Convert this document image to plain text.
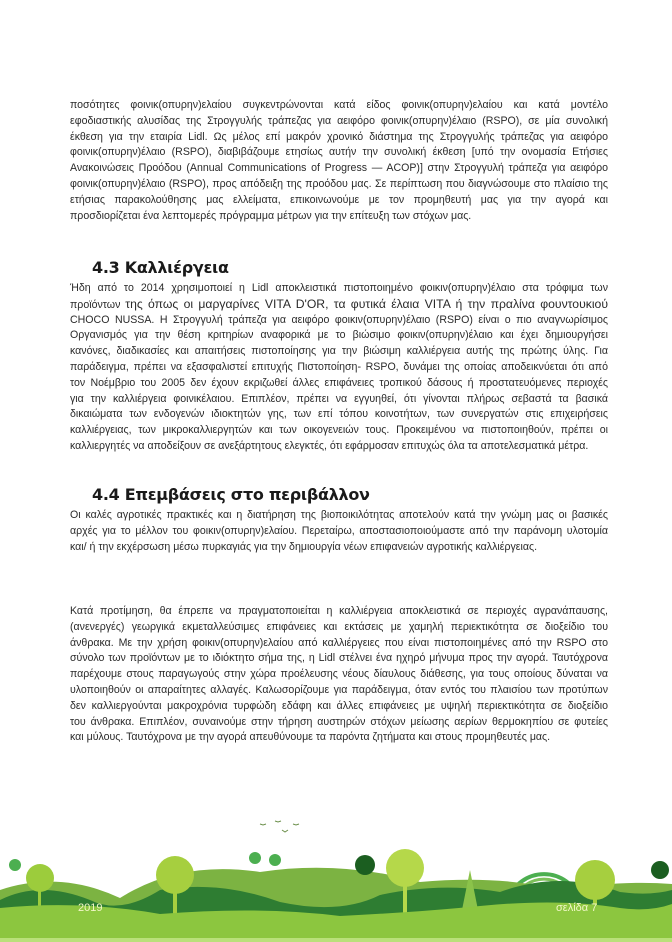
ποσότητες φοινικ(οπυρην)ελαίου συγκεντρώνονται κατά είδος φοινικ(οπυρην)ελαίου και κατά μοντέλο
εφοδιαστικής αλυσίδας της Στρογγυλής τράπεζας για αειφόρο φοινικ(οπυρην)έλαιο (RSPO), σε μία συνολική
έκθεση για την εταιρία Lidl. Ως μέλος επί μακρόν χρονικό διάστημα της Στρογγυλής τράπεζας για αειφόρο
φοινικ(οπυρην)έλαιο (RSPO), διαβιβάζουμε ετησίως αυτήν την συνολική έκθεση [υπό την ονομασία Ετήσιες
Ανακοινώσεις Προόδου (Annual Communications of Progress — ACOP)] στην Στρογγυλή τράπεζα για αειφόρο
φοινικ(οπυρην)έλαιο (RSPO), προς απόδειξη της προόδου μας. Σε περίπτωση που διαγνώσουμε στο πλαίσιο της
ετήσιας παρακολούθησης μας ελλείματα, επικοινωνούμε με τον προμηθευτή μας για την αγορά και
προσδιορίζεται ένα λεπτομερές πρόγραμμα μέτρων για την επίτευξη των στόχων μας.
4.3 Καλλιέργεια
Ήδη από το 2014 χρησιμοποιεί η Lidl αποκλειστικά πιστοποιημένο φοικιν(οπυρην)έλαιο στα τρόφιμα των
προϊόντων της όπως οι μαργαρίνες VITA D'OR, τα φυτικά έλαια VITA ή την πραλίνα φουντουκιού
CHOCO NUSSA. Η Στρογγυλή τράπεζα για αειφόρο φοικιν(οπυρην)έλαιο (RSPO) είναι ο πιο αναγνωρίσιμος
Οργανισμός για την θέση κριτηρίων αναφορικά με το βιώσιμο φοικιν(οπυρην)έλαιο και έχει δημιουργήσει
κανόνες, διαδικασίες και απαιτήσεις πιστοποίησης για την βιώσιμη καλλιέργεια αυτής της πρώτης ύλης. Για
παράδειγμα, πρέπει να εξασφαλιστεί επιτυχής Πιστοποίηση- RSPO, δυνάμει της οποίας αποδεικνύεται ότι από
τον Νοέμβριο του 2005 δεν έχουν εκριζωθεί άλλες επιφάνειες τροπικού δάσους ή προστατευόμενες περιοχές
για την καλλιέργεια φοινικέλαιου. Επιπλέον, πρέπει να εγγυηθεί, ότι γίνονται πλήρως σεβαστά τα βασικά
δικαιώματα των ενδογενών ιδιοκτητών γης, των επί τόπου κοινοτήτων, των συνεργατών στις επιχειρήσεις
καλλιέργειας, των μικροκαλλιεργητών και των οικογενειών τους. Προκειμένου να πιστοποιηθούν, πρέπει οι
καλλιεργητές να αποδείξουν σε ανεξάρτητους ελεγκτές, ότι εφάρμοσαν επιτυχώς όλα τα αποτελεσματικά μέτρα.
4.4 Επεμβάσεις στο περιβάλλον
Οι καλές αγροτικές πρακτικές και η διατήρηση της βιοποικιλότητας αποτελούν κατά την γνώμη μας οι βασικές
αρχές για το μέλλον του φοικιν(οπυρην)ελαίου. Περεταίρω, αποστασιοποιούμαστε από την παράνομη υλοτομία
και/ ή την εκχέρσωση μέσω πυρκαγιάς για την δημιουργία νέων επιφανειών αγροτικής καλλιέργειας.
Κατά προτίμηση, θα έπρεπε να πραγματοποιείται η καλλιέργεια αποκλειστικά σε περιοχές αγρανάπαυσης,
(ανενεργές) γεωργικά εκμεταλλεύσιμες επιφάνειες και εκτάσεις με χαμηλή περιεκτικότητα σε διοξείδιο του
άνθρακα. Με την χρήση φοικιν(οπυρην)ελαίου από καλλιέργειες που είναι πιστοποιημένες από την RSPO στο
σύνολο των προϊόντων με το ιδιόκτητο σήμα της, η Lidl στέλνει ένα ηχηρό μήνυμα προς την αγορά. Ταυτόχρονα
παρέχουμε στους παραγωγούς στην χώρα προέλευσης νέους δίαυλους διάθεσης, για τους οποίους δύναται να
υλοποιηθούν οι απαραίτητες αλλαγές. Καλωσορίζουμε για παράδειγμα, όταν εντός του πλαισίου των προτύπων
δεν καλλιεργούνται μακροχρόνια τυρφώδη εδάφη και άλλες επιφάνειες με υψηλή περιεκτικότητα σε διοξείδιο
του άνθρακα. Επιπλέον, συναινούμε στην τήρηση αυστηρών στόχων μείωσης αερίων θερμοκηπίου σε φυτείες
και μύλους. Ταυτόχρονα με την αγορά απευθύνουμε τα παρόντα ζητήματα και στους προμηθευτές μας.
2019	σελίδα 7
